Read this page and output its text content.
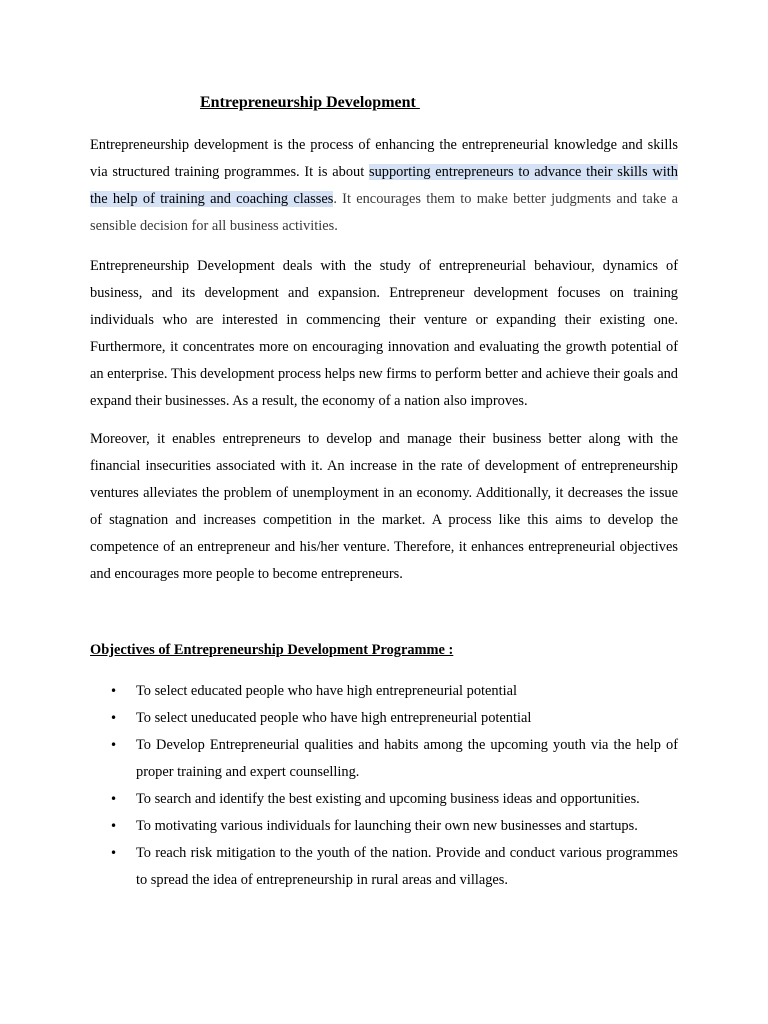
Entrepreneurship Development

Entrepreneurship development is the process of enhancing the entrepreneurial knowledge and skills via structured training programmes. It is about supporting entrepreneurs to advance their skills with the help of training and coaching classes. It encourages them to make better judgments and take a sensible decision for all business activities.

Entrepreneurship Development deals with the study of entrepreneurial behaviour, dynamics of business, and its development and expansion. Entrepreneur development focuses on training individuals who are interested in commencing their venture or expanding their existing one. Furthermore, it concentrates more on encouraging innovation and evaluating the growth potential of an enterprise. This development process helps new firms to perform better and achieve their goals and expand their businesses. As a result, the economy of a nation also improves.

Moreover, it enables entrepreneurs to develop and manage their business better along with the financial insecurities associated with it. An increase in the rate of development of entrepreneurship ventures alleviates the problem of unemployment in an economy. Additionally, it decreases the issue of stagnation and increases competition in the market. A process like this aims to develop the competence of an entrepreneur and his/her venture. Therefore, it enhances entrepreneurial objectives and encourages more people to become entrepreneurs.

Objectives of Entrepreneurship Development Programme :
• To select educated people who have high entrepreneurial potential
• To select uneducated people who have high entrepreneurial potential
• To Develop Entrepreneurial qualities and habits among the upcoming youth via the help of proper training and expert counselling.
• To search and identify the best existing and upcoming business ideas and opportunities.
• To motivating various individuals for launching their own new businesses and startups.
• To reach risk mitigation to the youth of the nation. Provide and conduct various programmes to spread the idea of entrepreneurship in rural areas and villages.
